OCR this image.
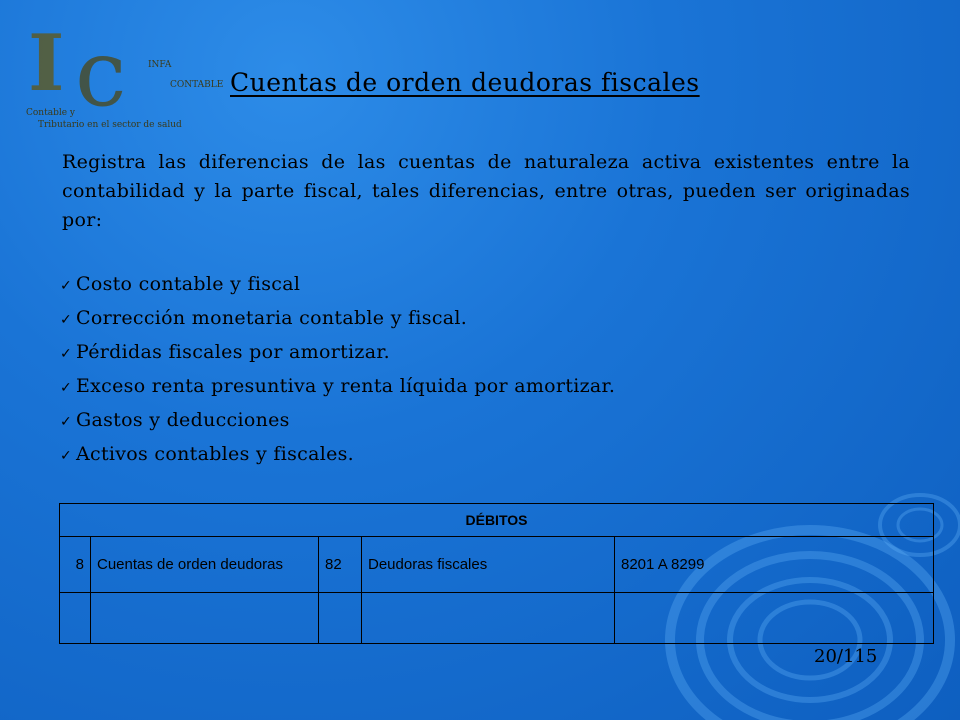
I c INFA
CONTABLE
Contable y
Tributario en el sector de salud
Cuentas de orden deudoras fiscales

Registra las diferencias de las cuentas de naturaleza activa existentes entre la contabilidad y la parte fiscal, tales diferencias, entre otras, pueden ser originadas por:

✓ Costo contable y fiscal
✓ Corrección monetaria contable y fiscal.
✓ Pérdidas fiscales por amortizar.
✓ Exceso renta presuntiva y renta líquida por amortizar.
✓ Gastos y deducciones
✓ Activos contables y fiscales.
DÉBITOS				
8	Cuentas de orden deudoras	82	Deudoras fiscales	8201 A 8299

20/115
